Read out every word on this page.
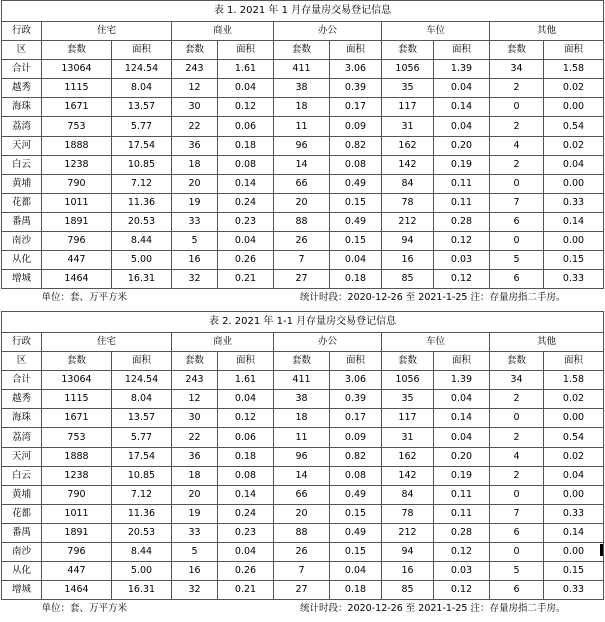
表 1. 2021 年 1 月存量房交易登记信息										
行政	住宅		商业		办公		车位		其他	
区	套数	面积	套数	面积	套数	面积	套数	面积	套数	面积
合计	13064	124.54	243	1.61	411	3.06	1056	1.39	34	1.58
越秀	1115	8.04	12	0.04	38	0.39	35	0.04	2	0.02
海珠	1671	13.57	30	0.12	18	0.17	117	0.14	0	0.00
荔湾	753	5.77	22	0.06	11	0.09	31	0.04	2	0.54
天河	1888	17.54	36	0.18	96	0.82	162	0.20	4	0.02
白云	1238	10.85	18	0.08	14	0.08	142	0.19	2	0.04
黄埔	790	7.12	20	0.14	66	0.49	84	0.11	0	0.00
花都	1011	11.36	19	0.24	20	0.15	78	0.11	7	0.33
番禺	1891	20.53	33	0.23	88	0.49	212	0.28	6	0.14
南沙	796	8.44	5	0.04	26	0.15	94	0.12	0	0.00
从化	447	5.00	16	0.26	7	0.04	16	0.03	5	0.15
增城	1464	16.31	32	0.21	27	0.18	85	0.12	6	0.33

单位：套、万平方米 统计时段：2020-12-26 至 2021-1-25 注：存量房指二手房。										
表 2. 2021 年 1-1 月存量房交易登记信息										
行政	住宅		商业		办公		车位		其他	
区	套数	面积	套数	面积	套数	面积	套数	面积	套数	面积
合计	13064	124.54	243	1.61	411	3.06	1056	1.39	34	1.58
越秀	1115	8.04	12	0.04	38	0.39	35	0.04	2	0.02
海珠	1671	13.57	30	0.12	18	0.17	117	0.14	0	0.00
荔湾	753	5.77	22	0.06	11	0.09	31	0.04	2	0.54
天河	1888	17.54	36	0.18	96	0.82	162	0.20	4	0.02
白云	1238	10.85	18	0.08	14	0.08	142	0.19	2	0.04
黄埔	790	7.12	20	0.14	66	0.49	84	0.11	0	0.00
花都	1011	11.36	19	0.24	20	0.15	78	0.11	7	0.33
番禺	1891	20.53	33	0.23	88	0.49	212	0.28	6	0.14
南沙	796	8.44	5	0.04	26	0.15	94	0.12	0	0.00
从化	447	5.00	16	0.26	7	0.04	16	0.03	5	0.15
增城	1464	16.31	32	0.21	27	0.18	85	0.12	6	0.33

单位：套、万平方米 统计时段：2020-12-26 至 2021-1-25 注：存量房指二手房。										
